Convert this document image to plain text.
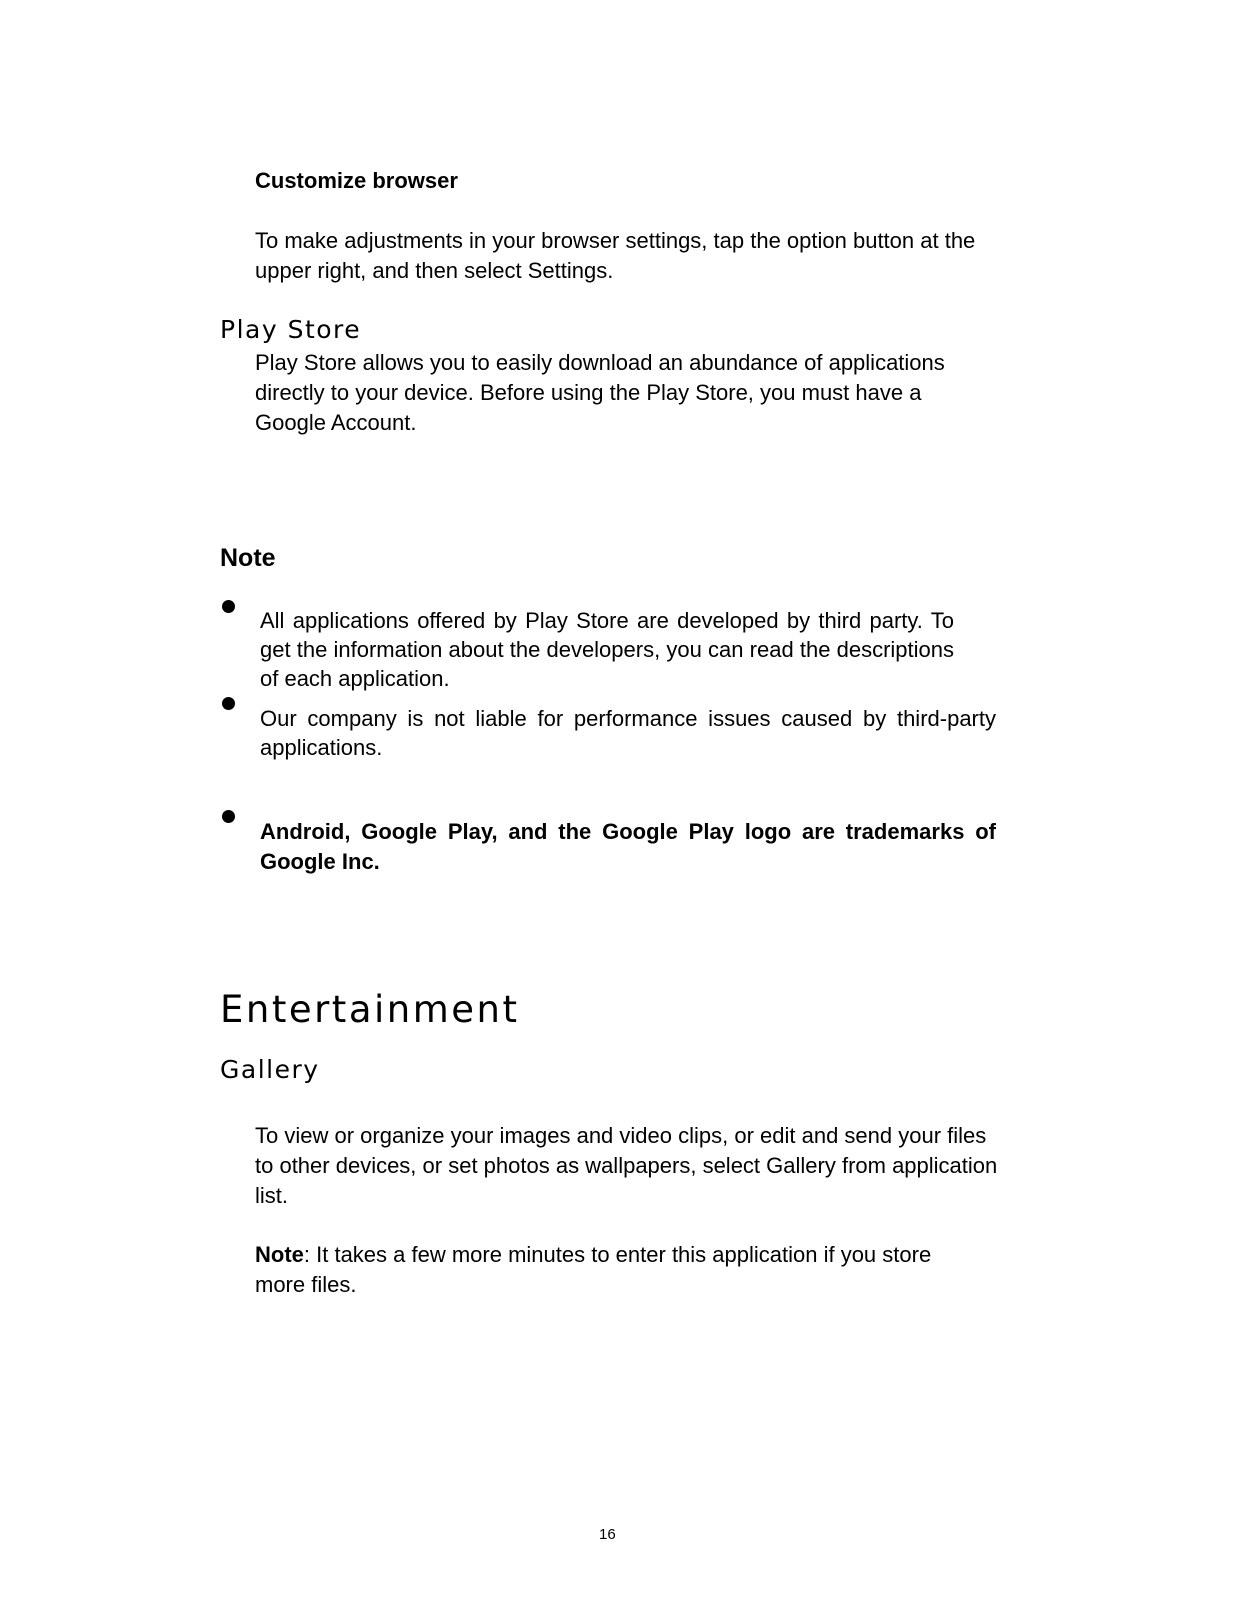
Customize browser
To make adjustments in your browser settings, tap the option button at the upper right, and then select Settings.
Play Store
Play Store allows you to easily download an abundance of applications directly to your device. Before using the Play Store, you must have a Google Account.
Note
All applications offered by Play Store are developed by third party. To get the information about the developers, you can read the descriptions of each application.
Our company is not liable for performance issues caused by third-party applications.
Android, Google Play, and the Google Play logo are trademarks of Google Inc.
Entertainment
Gallery
To view or organize your images and video clips, or edit and send your files to other devices, or set photos as wallpapers, select Gallery from application list.
Note: It takes a few more minutes to enter this application if you store more files.
16
